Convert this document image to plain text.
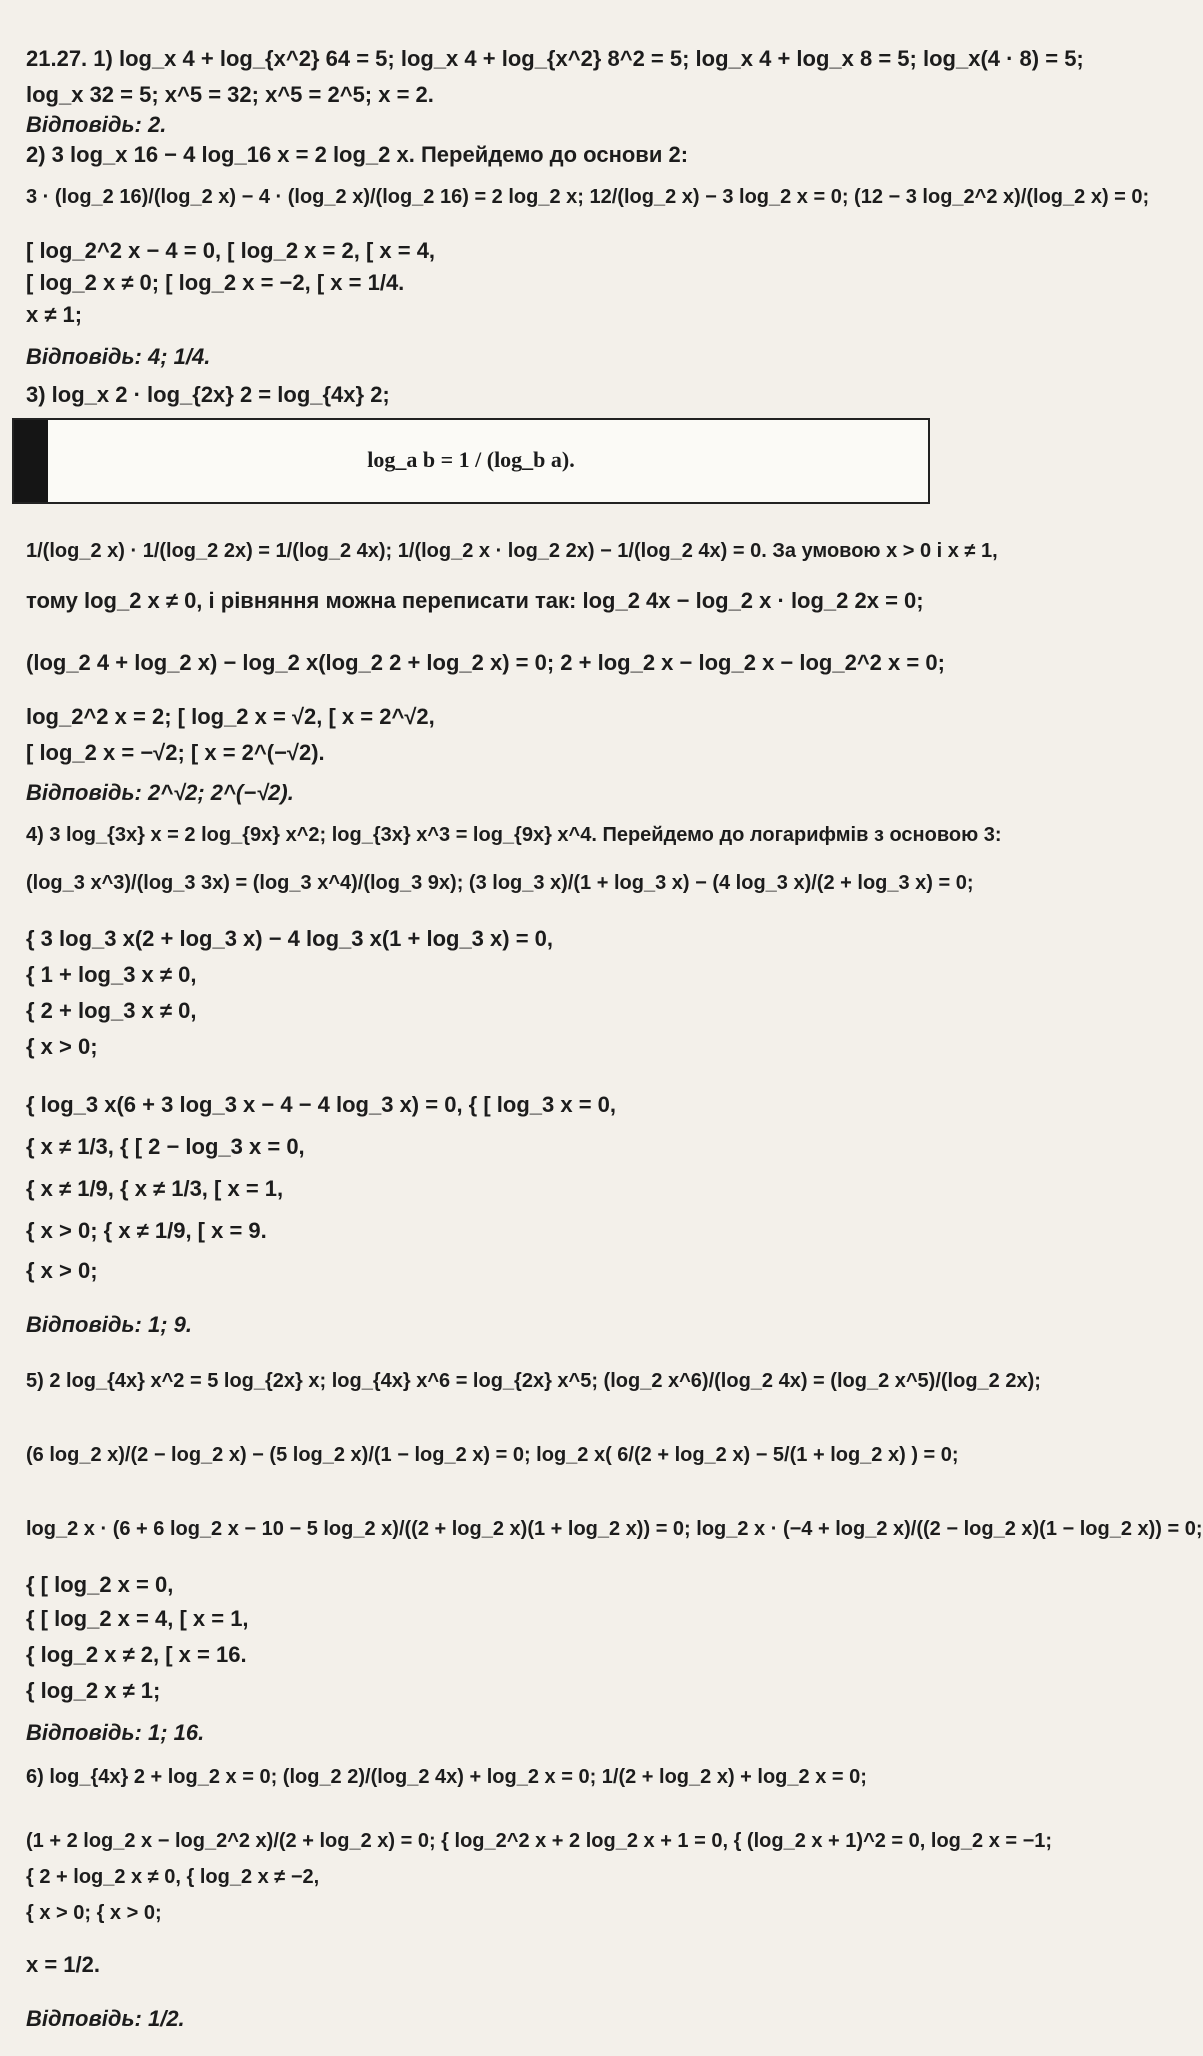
21.27. 1) log_x 4 + log_{x^2} 64 = 5; log_x 4 + log_{x^2} 8^2 = 5; log_x 4 + log_x 8 = 5; log_x(4 · 8) = 5;
log_x 32 = 5; x^5 = 32; x^5 = 2^5; x = 2.
Відповідь: 2.
2) 3 log_x 16 − 4 log_16 x = 2 log_2 x. Перейдемо до основи 2:
3 · (log_2 16)/(log_2 x) − 4 · (log_2 x)/(log_2 16) = 2 log_2 x; 12/(log_2 x) − 3 log_2 x = 0; (12 − 3 log_2^2 x)/(log_2 x) = 0;
[ log_2^2 x − 4 = 0, [ log_2 x = 2, [ x = 4,
[ log_2 x ≠ 0; [ log_2 x = −2, [ x = 1/4.
x ≠ 1;
Відповідь: 4; 1/4.
3) log_x 2 · log_{2x} 2 = log_{4x} 2;
log_a b = 1 / (log_b a).
1/(log_2 x) · 1/(log_2 2x) = 1/(log_2 4x); 1/(log_2 x · log_2 2x) − 1/(log_2 4x) = 0. За умовою x > 0 і x ≠ 1,
тому log_2 x ≠ 0, і рівняння можна переписати так: log_2 4x − log_2 x · log_2 2x = 0;
(log_2 4 + log_2 x) − log_2 x(log_2 2 + log_2 x) = 0; 2 + log_2 x − log_2 x − log_2^2 x = 0;
log_2^2 x = 2; [ log_2 x = √2, [ x = 2^√2,
[ log_2 x = −√2; [ x = 2^(−√2).
Відповідь: 2^√2; 2^(−√2).
4) 3 log_{3x} x = 2 log_{9x} x^2; log_{3x} x^3 = log_{9x} x^4. Перейдемо до логарифмів з основою 3:
(log_3 x^3)/(log_3 3x) = (log_3 x^4)/(log_3 9x); (3 log_3 x)/(1 + log_3 x) − (4 log_3 x)/(2 + log_3 x) = 0;
{ 3 log_3 x(2 + log_3 x) − 4 log_3 x(1 + log_3 x) = 0,
{ 1 + log_3 x ≠ 0,
{ 2 + log_3 x ≠ 0,
{ x > 0;
{ log_3 x(6 + 3 log_3 x − 4 − 4 log_3 x) = 0, { [ log_3 x = 0,
{ x ≠ 1/3, { [ 2 − log_3 x = 0,
{ x ≠ 1/9, { x ≠ 1/3, [ x = 1,
{ x > 0; { x ≠ 1/9, [ x = 9.
{ x > 0;
Відповідь: 1; 9.
5) 2 log_{4x} x^2 = 5 log_{2x} x; log_{4x} x^6 = log_{2x} x^5; (log_2 x^6)/(log_2 4x) = (log_2 x^5)/(log_2 2x);
(6 log_2 x)/(2 − log_2 x) − (5 log_2 x)/(1 − log_2 x) = 0; log_2 x( 6/(2 + log_2 x) − 5/(1 + log_2 x) ) = 0;
log_2 x · (6 + 6 log_2 x − 10 − 5 log_2 x)/((2 + log_2 x)(1 + log_2 x)) = 0; log_2 x · (−4 + log_2 x)/((2 − log_2 x)(1 − log_2 x)) = 0;
{ [ log_2 x = 0,
{ [ log_2 x = 4, [ x = 1,
{ log_2 x ≠ 2, [ x = 16.
{ log_2 x ≠ 1;
Відповідь: 1; 16.
6) log_{4x} 2 + log_2 x = 0; (log_2 2)/(log_2 4x) + log_2 x = 0; 1/(2 + log_2 x) + log_2 x = 0;
(1 + 2 log_2 x − log_2^2 x)/(2 + log_2 x) = 0; { log_2^2 x + 2 log_2 x + 1 = 0, { (log_2 x + 1)^2 = 0, log_2 x = −1;
{ 2 + log_2 x ≠ 0, { log_2 x ≠ −2,
{ x > 0; { x > 0;
x = 1/2.
Відповідь: 1/2.
